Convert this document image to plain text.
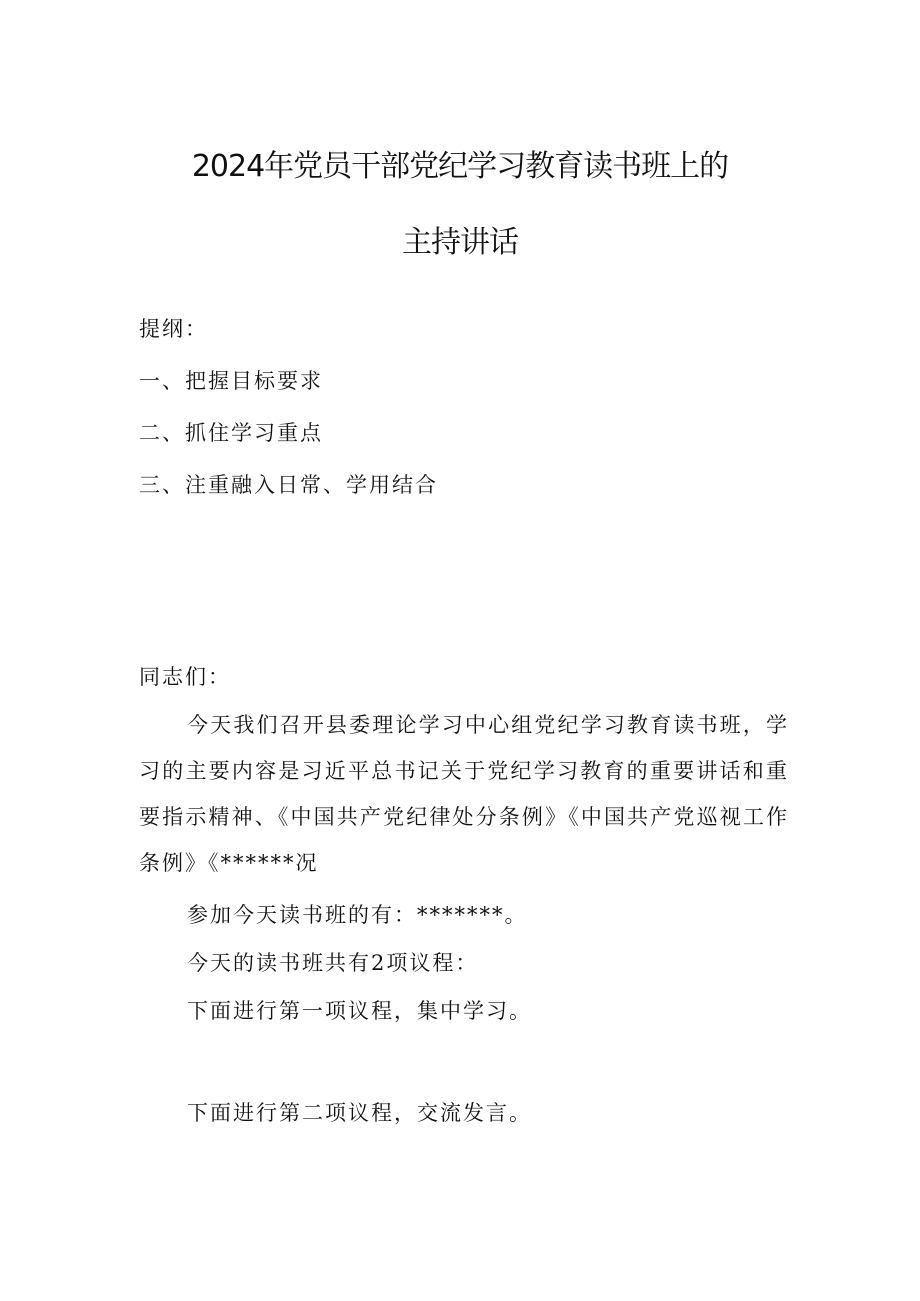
2024年党员干部党纪学习教育读书班上的
主持讲话
提纲：
一、把握目标要求
二、抓住学习重点
三、注重融入日常、学用结合
同志们：
今天我们召开县委理论学习中心组党纪学习教育读书班，学习的主要内容是习近平总书记关于党纪学习教育的重要讲话和重要指示精神、《中国共产党纪律处分条例》《中国共产党巡视工作条例》《******况
参加今天读书班的有：*******。
今天的读书班共有2项议程：
下面进行第一项议程，集中学习。
下面进行第二项议程，交流发言。
